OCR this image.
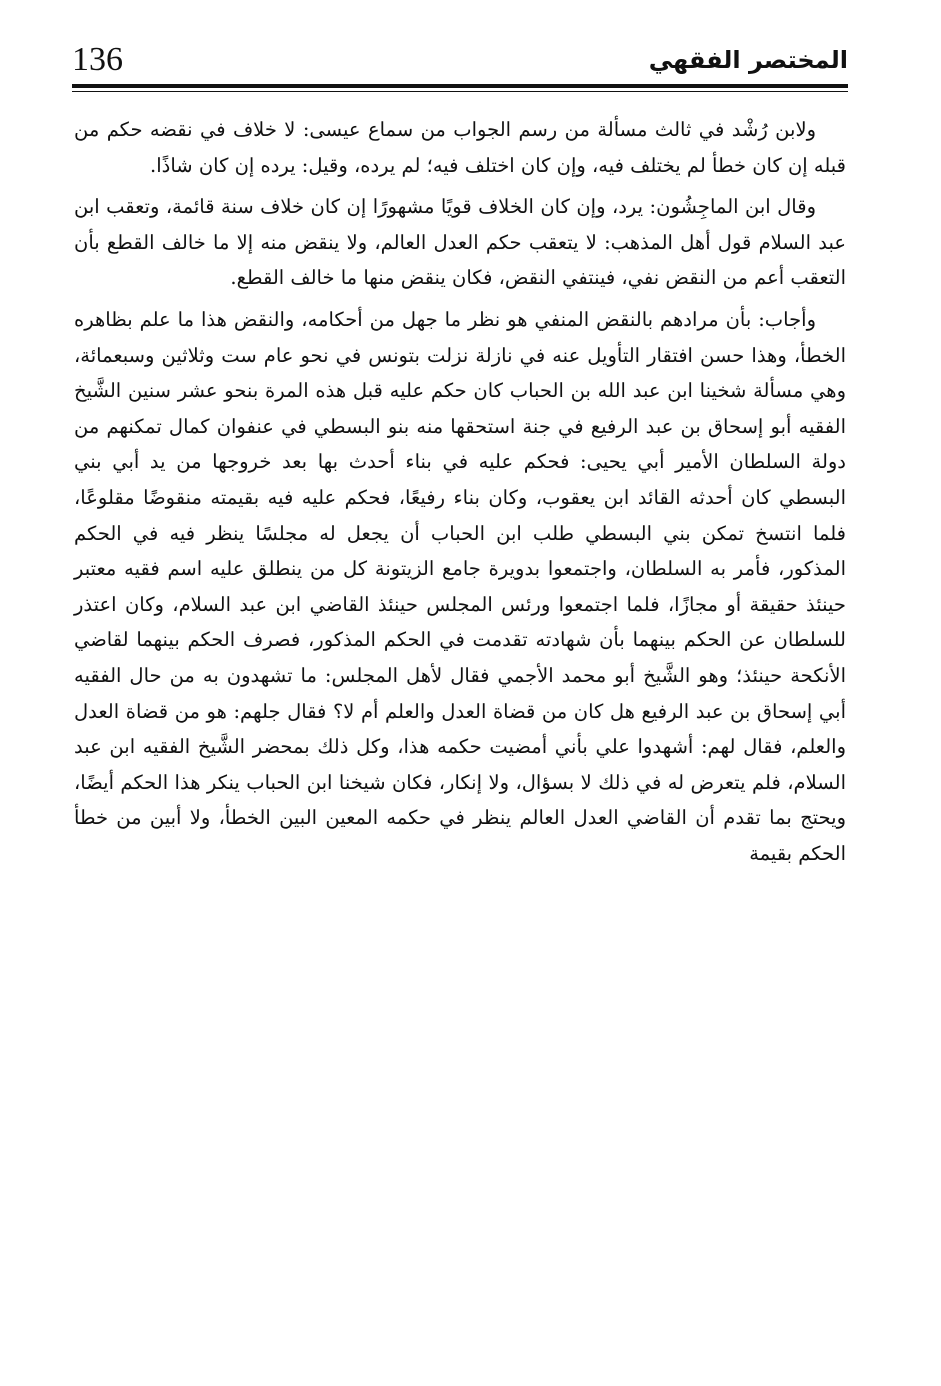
136	المختصر الفقهي

ولابن رُشْد في ثالث مسألة من رسم الجواب من سماع عيسى: لا خلاف في نقضه حكم من قبله إن كان خطأ لم يختلف فيه، وإن كان اختلف فيه؛ لم يرده، وقيل: يرده إن كان شاذًا.

وقال ابن الماجِشُون: يرد، وإن كان الخلاف قويًا مشهورًا إن كان خلاف سنة قائمة، وتعقب ابن عبد السلام قول أهل المذهب: لا يتعقب حكم العدل العالم، ولا ينقض منه إلا ما خالف القطع بأن التعقب أعم من النقض نفي، فينتفي النقض، فكان ينقض منها ما خالف القطع.

وأجاب: بأن مرادهم بالنقض المنفي هو نظر ما جهل من أحكامه، والنقض هذا ما علم بظاهره الخطأ، وهذا حسن افتقار التأويل عنه في نازلة نزلت بتونس في نحو عام ست وثلاثين وسبعمائة، وهي مسألة شخينا ابن عبد الله بن الحباب كان حكم عليه قبل هذه المرة بنحو عشر سنين الشَّيخ الفقيه أبو إسحاق بن عبد الرفيع في جنة استحقها منه بنو البسطي في عنفوان كمال تمكنهم من دولة السلطان الأمير أبي يحيى: فحكم عليه في بناء أحدث بها بعد خروجها من يد أبي بني البسطي كان أحدثه القائد ابن يعقوب، وكان بناء رفيعًا، فحكم عليه فيه بقيمته منقوضًا مقلوعًا، فلما انتسخ تمكن بني البسطي طلب ابن الحباب أن يجعل له مجلسًا ينظر فيه في الحكم المذكور، فأمر به السلطان، واجتمعوا بدويرة جامع الزيتونة كل من ينطلق عليه اسم فقيه معتبر حينئذ حقيقة أو مجازًا، فلما اجتمعوا ورئس المجلس حينئذ القاضي ابن عبد السلام، وكان اعتذر للسلطان عن الحكم بينهما بأن شهادته تقدمت في الحكم المذكور، فصرف الحكم بينهما لقاضي الأنكحة حينئذ؛ وهو الشَّيخ أبو محمد الأجمي فقال لأهل المجلس: ما تشهدون به من حال الفقيه أبي إسحاق بن عبد الرفيع هل كان من قضاة العدل والعلم أم لا؟ فقال جلهم: هو من قضاة العدل والعلم، فقال لهم: أشهدوا علي بأني أمضيت حكمه هذا، وكل ذلك بمحضر الشَّيخ الفقيه ابن عبد السلام، فلم يتعرض له في ذلك لا بسؤال، ولا إنكار، فكان شيخنا ابن الحباب ينكر هذا الحكم أيضًا، ويحتج بما تقدم أن القاضي العدل العالم ينظر في حكمه المعين البين الخطأ، ولا أبين من خطأ الحكم بقيمة
